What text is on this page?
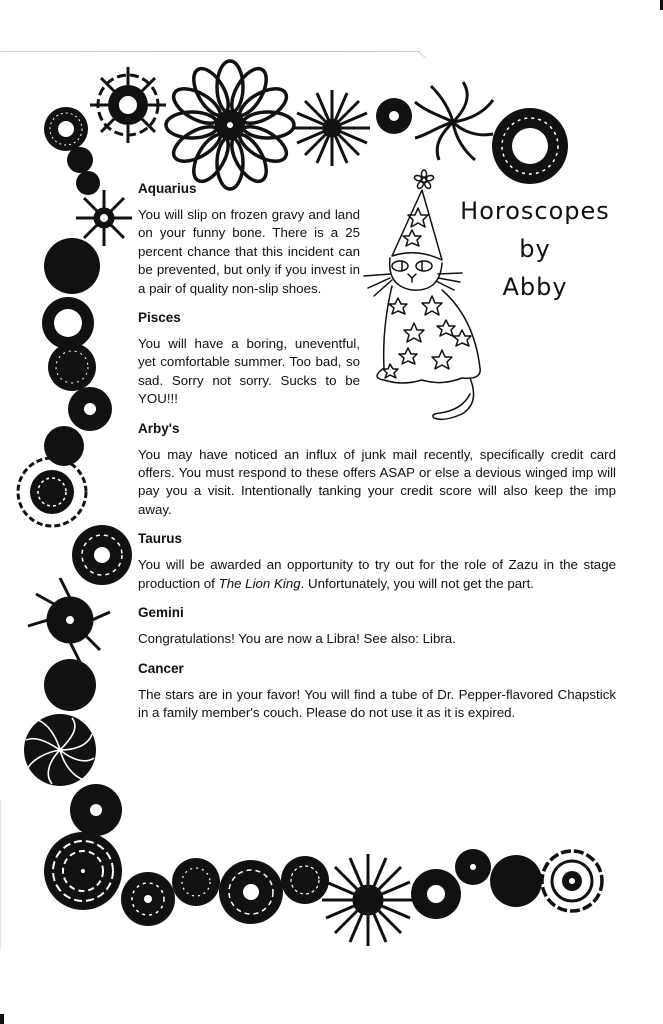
Horoscopes
by
Abby
Aquarius

You will slip on frozen gravy and land on your funny bone. There is a 25 percent chance that this incident can be prevented, but only if you invest in a pair of quality non-slip shoes.

Pisces

You will have a boring, uneventful, yet comfortable summer. Too bad, so sad. Sorry not sorry. Sucks to be YOU!!!

Arby's

You may have noticed an influx of junk mail recently, specifically credit card offers. You must respond to these offers ASAP or else a devious winged imp will pay you a visit. Intentionally tanking your credit score will also keep the imp away.

Taurus

You will be awarded an opportunity to try out for the role of Zazu in the stage production of The Lion King. Unfortunately, you will not get the part.

Gemini

Congratulations! You are now a Libra! See also: Libra.

Cancer

The stars are in your favor! You will find a tube of Dr. Pepper-flavored Chapstick in a family member's couch. Please do not use it as it is expired.
